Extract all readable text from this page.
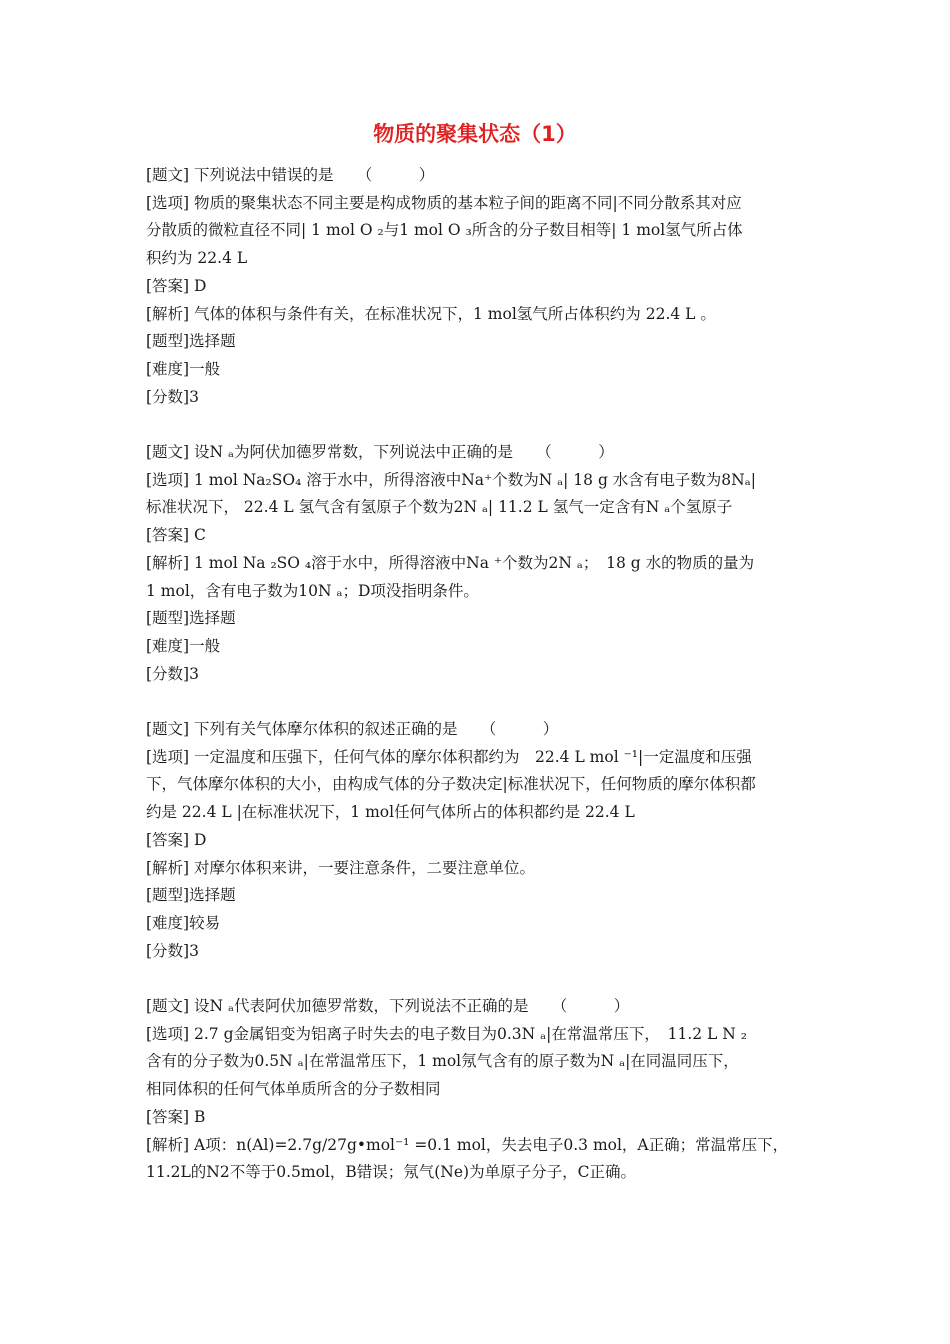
物质的聚集状态（1）
[题文] 下列说法中错误的是　　（　　　）
[选项] 物质的聚集状态不同主要是构成物质的基本粒子间的距离不同|不同分散系其对应
分散质的微粒直径不同| 1 mol O ₂与1 mol O ₃所含的分子数目相等| 1 mol氢气所占体
积约为 22.4 L
[答案] D
[解析] 气体的体积与条件有关，在标准状况下，1 mol氢气所占体积约为 22.4 L 。
[题型]选择题
[难度]一般
[分数]3
[题文] 设N ₐ为阿伏加德罗常数，下列说法中正确的是　　（　　　）
[选项] 1 mol Na₂SO₄ 溶于水中，所得溶液中Na⁺个数为N ₐ| 18 g 水含有电子数为8Nₐ|
标准状况下， 22.4 L 氢气含有氢原子个数为2N ₐ| 11.2 L 氢气一定含有N ₐ个氢原子
[答案] C
[解析] 1 mol Na ₂SO ₄溶于水中，所得溶液中Na ⁺个数为2N ₐ；　18 g 水的物质的量为
1 mol，含有电子数为10N ₐ；D项没指明条件。
[题型]选择题
[难度]一般
[分数]3
[题文] 下列有关气体摩尔体积的叙述正确的是　　（　　　）
[选项] 一定温度和压强下，任何气体的摩尔体积都约为　22.4 L mol ⁻¹|一定温度和压强
下，气体摩尔体积的大小，由构成气体的分子数决定|标准状况下，任何物质的摩尔体积都
约是 22.4 L |在标准状况下，1 mol任何气体所占的体积都约是 22.4 L
[答案] D
[解析] 对摩尔体积来讲，一要注意条件，二要注意单位。
[题型]选择题
[难度]较易
[分数]3
[题文] 设N ₐ代表阿伏加德罗常数，下列说法不正确的是　　（　　　）
[选项] 2.7 g金属铝变为铝离子时失去的电子数目为0.3N ₐ|在常温常压下，　11.2 L N ₂
含有的分子数为0.5N ₐ|在常温常压下，1 mol氖气含有的原子数为N ₐ|在同温同压下，
相同体积的任何气体单质所含的分子数相同
[答案] B
[解析] A项：n(Al)=2.7g/27g•mol⁻¹ =0.1 mol，失去电子0.3 mol，A正确；常温常压下，
11.2L的N2不等于0.5mol，B错误；氖气(Ne)为单原子分子，C正确。
